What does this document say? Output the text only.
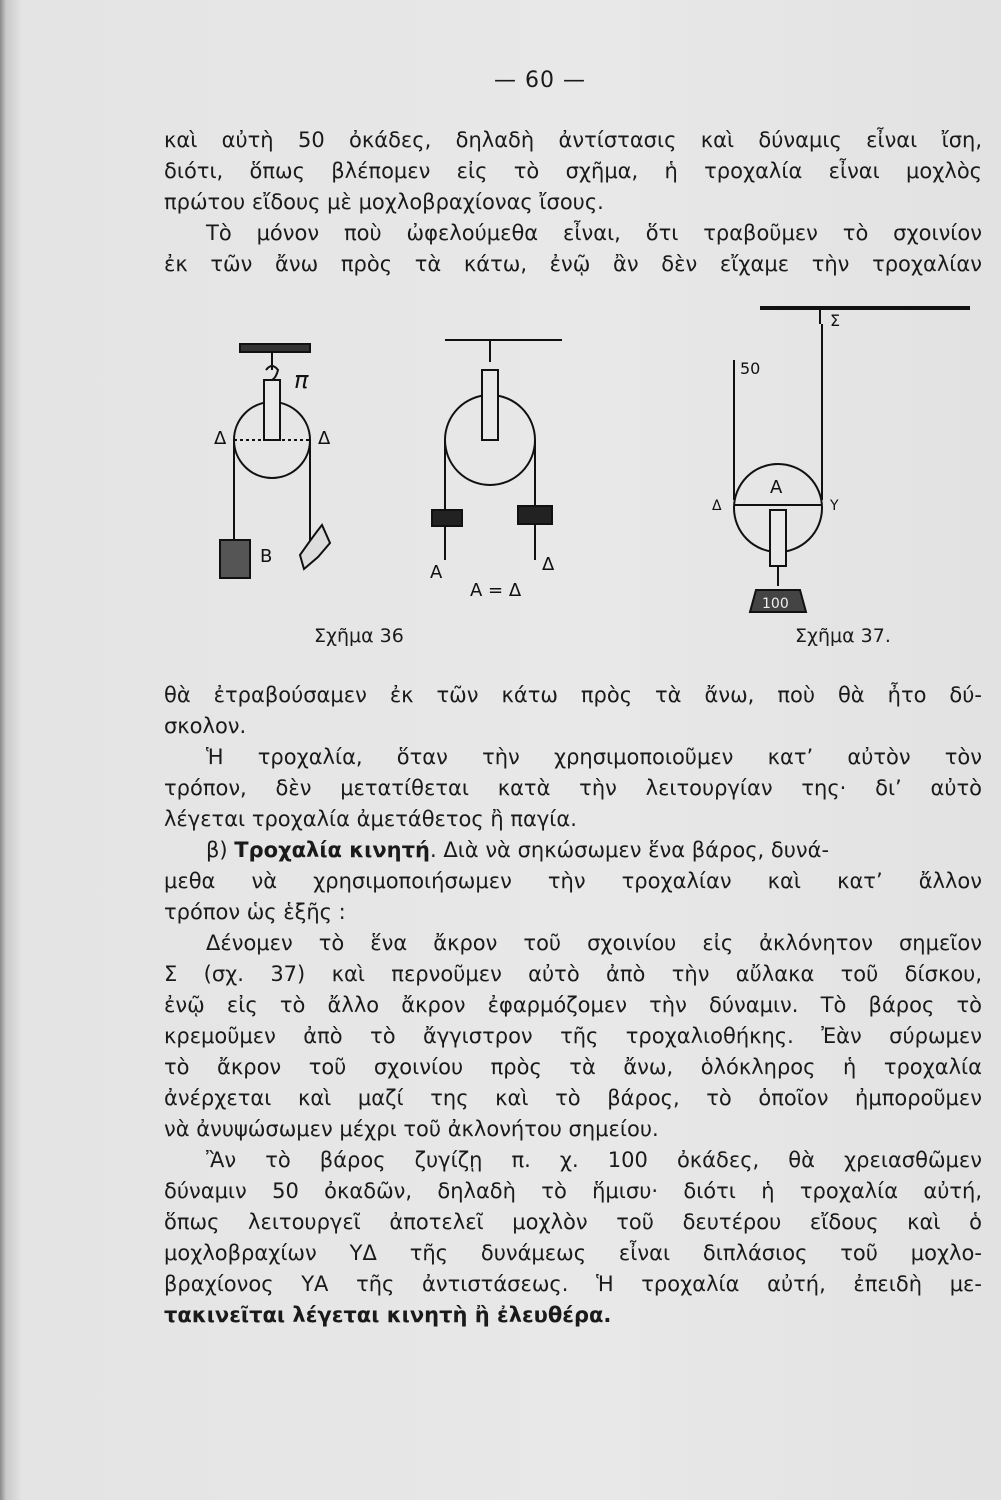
— 60 —
καὶ αὐτὴ 50 ὀκάδες, δηλαδὴ ἀντίστασις καὶ δύναμις εἶναι ἴση,
διότι, ὅπως βλέπομεν εἰς τὸ σχῆμα, ἡ τροχαλία εἶναι μοχλὸς
πρώτου εἴδους μὲ μοχλοβραχίονας ἴσους.
Τὸ μόνον ποὺ ὠφελούμεθα εἶναι, ὅτι τραβοῦμεν τὸ σχοινίον
ἐκ τῶν ἄνω πρὸς τὰ κάτω, ἐνῷ ἂν δὲν εἴχαμε τὴν τροχαλίαν
π
Δ	Δ
Β
Α	Δ
Α = Δ
Σ
50
Α
Δ	Υ
100
Σχῆμα 36	Σχῆμα 37.
θὰ ἐτραβούσαμεν ἐκ τῶν κάτω πρὸς τὰ ἄνω, ποὺ θὰ ἦτο δύ-
σκολον.
Ἡ τροχαλία, ὅταν τὴν χρησιμοποιοῦμεν κατ’ αὐτὸν τὸν
τρόπον, δὲν μετατίθεται κατὰ τὴν λειτουργίαν της· δι’ αὐτὸ
λέγεται τροχαλία ἀμετάθετος ἢ παγία.
β) Τροχαλία κινητή. Διὰ νὰ σηκώσωμεν ἕνα βάρος, δυνά-
μεθα νὰ χρησιμοποιήσωμεν τὴν τροχαλίαν καὶ κατ’ ἄλλον
τρόπον ὡς ἑξῆς :
Δένομεν τὸ ἕνα ἄκρον τοῦ σχοινίου εἰς ἀκλόνητον σημεῖον
Σ (σχ. 37) καὶ περνοῦμεν αὐτὸ ἀπὸ τὴν αὔλακα τοῦ δίσκου,
ἐνῷ εἰς τὸ ἄλλο ἄκρον ἐφαρμόζομεν τὴν δύναμιν. Τὸ βάρος τὸ
κρεμοῦμεν ἀπὸ τὸ ἄγγιστρον τῆς τροχαλιοθήκης. Ἐὰν σύρωμεν
τὸ ἄκρον τοῦ σχοινίου πρὸς τὰ ἄνω, ὁλόκληρος ἡ τροχαλία
ἀνέρχεται καὶ μαζί της καὶ τὸ βάρος, τὸ ὁποῖον ἠμποροῦμεν
νὰ ἀνυψώσωμεν μέχρι τοῦ ἀκλονήτου σημείου.
Ἂν τὸ βάρος ζυγίζῃ π. χ. 100 ὀκάδες, θὰ χρειασθῶμεν
δύναμιν 50 ὀκαδῶν, δηλαδὴ τὸ ἥμισυ· διότι ἡ τροχαλία αὐτή,
ὅπως λειτουργεῖ ἀποτελεῖ μοχλὸν τοῦ δευτέρου εἴδους καὶ ὁ
μοχλοβραχίων ΥΔ τῆς δυνάμεως εἶναι διπλάσιος τοῦ μοχλο-
βραχίονος ΥΑ τῆς ἀντιστάσεως. Ἡ τροχαλία αὐτή, ἐπειδὴ με-
τακινεῖται λέγεται κινητὴ ἢ ἐλευθέρα.
